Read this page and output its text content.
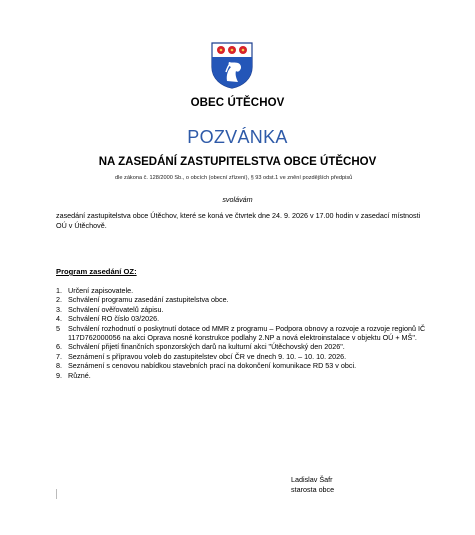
OBEC ÚTĚCHOV
POZVÁNKA
NA ZASEDÁNÍ ZASTUPITELSTVA OBCE ÚTĚCHOV
dle zákona č. 128/2000 Sb., o obcích (obecní zřízení), § 93 odst.1 ve znění pozdějších předpisů
svolávám
zasedání zastupitelstva obce Útěchov, které se koná ve čtvrtek dne 24. 9. 2026 v 17.00 hodin v zasedací místnosti OÚ v Útěchově.
Program zasedání OZ:
1. Určení zapisovatele.
2. Schválení programu zasedání zastupitelstva obce.
3. Schválení ověřovatelů zápisu.
4. Schválení RO číslo 03/2026.
5	Schválení rozhodnutí o poskytnutí dotace od MMR z programu – Podpora obnovy a rozvoje a rozvoje regionů IČ 117D762000056 na akci Oprava nosné konstrukce podlahy 2.NP a nová elektroinstalace v objektu OÚ + MŠ".
6. Schválení přijetí finančních sponzorských darů na kulturní akci "Útěchovský den 2026".
7. Seznámení s přípravou voleb do zastupitelstev obcí ČR ve dnech 9. 10. – 10. 10. 2026.
8. Seznámení s cenovou nabídkou stavebních prací na dokončení komunikace RD 53 v obci.
9. Různé.
Ladislav Šafr
starosta obce
